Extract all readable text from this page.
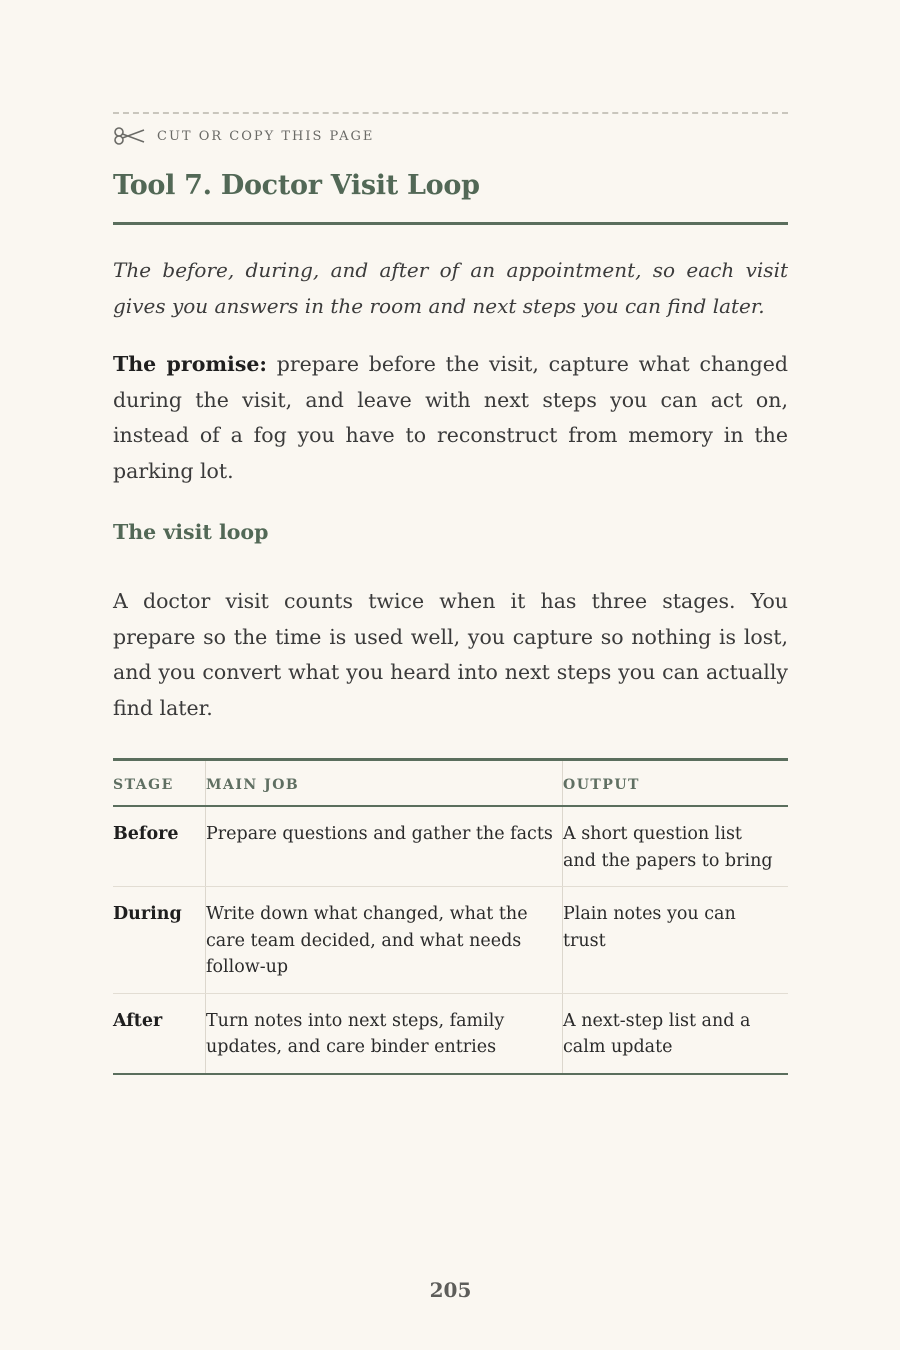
CUT OR COPY THIS PAGE
Tool 7. Doctor Visit Loop

The before, during, and after of an appointment, so each visit gives you answers in the room and next steps you can find later.

The promise: prepare before the visit, capture what changed during the visit, and leave with next steps you can act on, instead of a fog you have to reconstruct from memory in the parking lot.

The visit loop

A doctor visit counts twice when it has three stages. You prepare so the time is used well, you capture so nothing is lost, and you convert what you heard into next steps you can actually find later.

STAGE	MAIN JOB	OUTPUT
Before	Prepare questions and gather the facts	A short question list and the papers to bring
During	Write down what changed, what the care team decided, and what needs follow-up	Plain notes you can trust
After	Turn notes into next steps, family updates, and care binder entries	A next-step list and a calm update
205
